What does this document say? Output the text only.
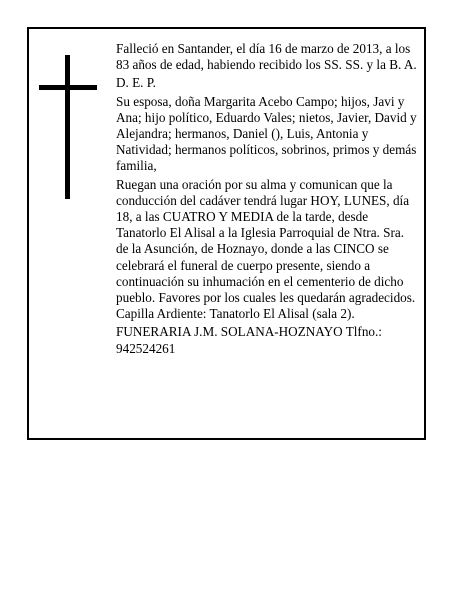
Falleció en Santander, el día 16 de marzo de 2013, a los 83 años de edad, habiendo recibido los SS. SS. y la B. A.

D. E. P.

Su esposa, doña Margarita Acebo Campo; hijos, Javi y Ana; hijo político, Eduardo Vales; nietos, Javier, David y Alejandra; hermanos, Daniel (), Luis, Antonia y Natividad; hermanos políticos, sobrinos, primos y demás familia,

Ruegan una oración por su alma y comunican que la conducción del cadáver tendrá lugar HOY, LUNES, día 18, a las CUATRO Y MEDIA de la tarde, desde Tanatorlo El Alisal a la Iglesia Parroquial de Ntra. Sra. de la Asunción, de Hoznayo, donde a las CINCO se celebrará el funeral de cuerpo presente, siendo a continuación su inhumación en el cementerio de dicho pueblo. Favores por los cuales les quedarán agradecidos. Capilla Ardiente: Tanatorlo El Alisal (sala 2).

FUNERARIA J.M. SOLANA-HOZNAYO Tlfno.: 942524261
